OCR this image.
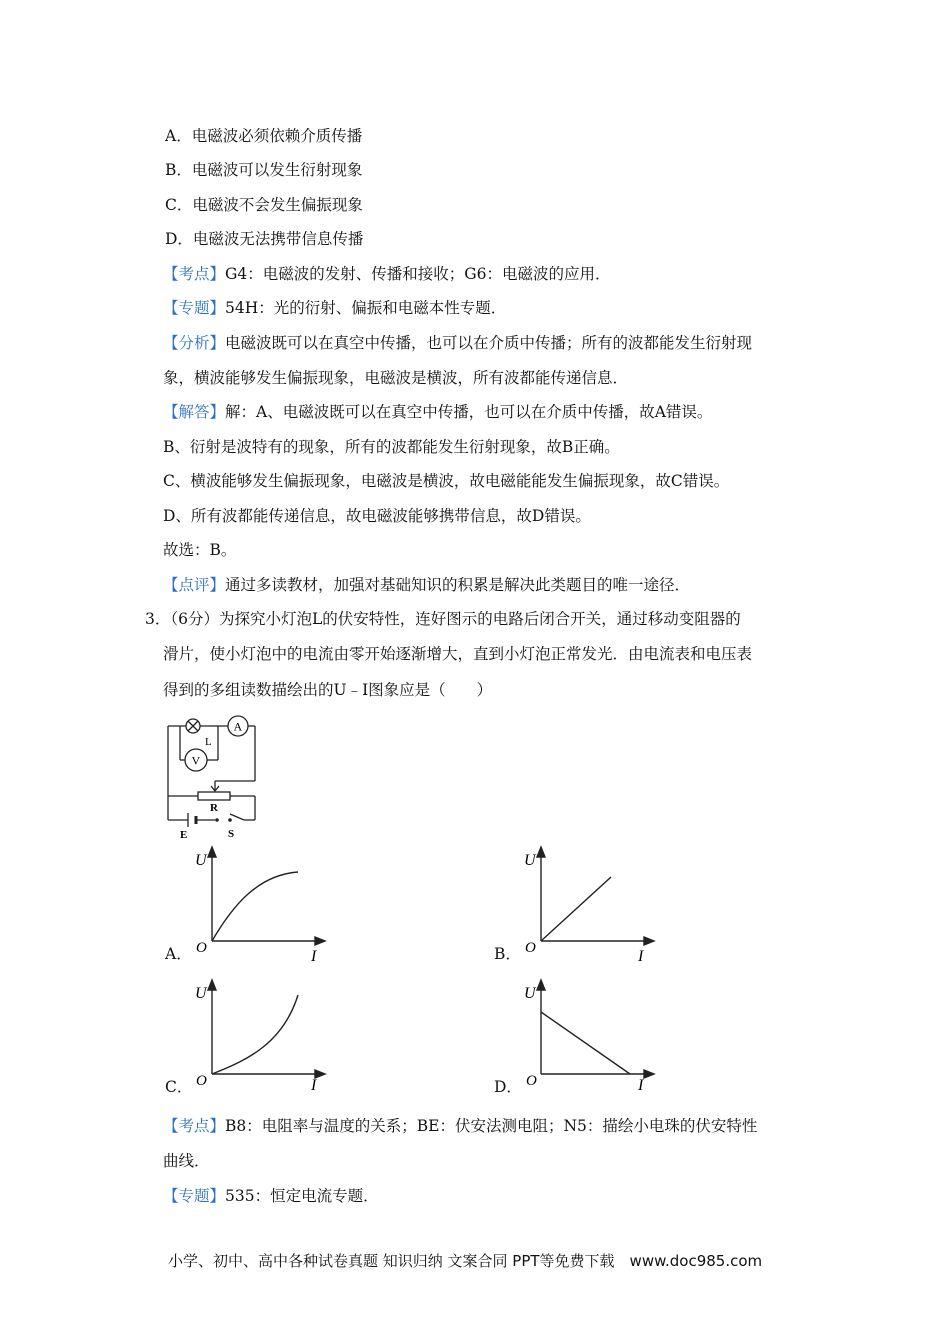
A．电磁波必须依赖介质传播
B．电磁波可以发生衍射现象
C．电磁波不会发生偏振现象
D．电磁波无法携带信息传播
【考点】G4：电磁波的发射、传播和接收；G6：电磁波的应用．
【专题】54H：光的衍射、偏振和电磁本性专题．
【分析】电磁波既可以在真空中传播，也可以在介质中传播；所有的波都能发生衍射现
象，横波能够发生偏振现象，电磁波是横波，所有波都能传递信息．
【解答】解：A、电磁波既可以在真空中传播，也可以在介质中传播，故A错误。
B、衍射是波特有的现象，所有的波都能发生衍射现象，故B正确。
C、横波能够发生偏振现象，电磁波是横波，故电磁能能发生偏振现象，故C错误。
D、所有波都能传递信息，故电磁波能够携带信息，故D错误。
故选：B。
【点评】通过多读教材，加强对基础知识的积累是解决此类题目的唯一途径．
3．（6分）为探究小灯泡L的伏安特性，连好图示的电路后闭合开关，通过移动变阻器的
滑片，使小灯泡中的电流由零开始逐渐增大，直到小灯泡正常发光．由电流表和电压表
得到的多组读数描绘出的U﹣I图象应是（　　）
A
V
L
R
E	S
U
I
O
A．
U
I
O
B．
U
I
O
C．
U
I
O
D．
【考点】B8：电阻率与温度的关系；BE：伏安法测电阻；N5：描绘小电珠的伏安特性
曲线．
【专题】535：恒定电流专题．
小学、初中、高中各种试卷真题 知识归纳 文案合同 PPT等免费下载　www.doc985.com
